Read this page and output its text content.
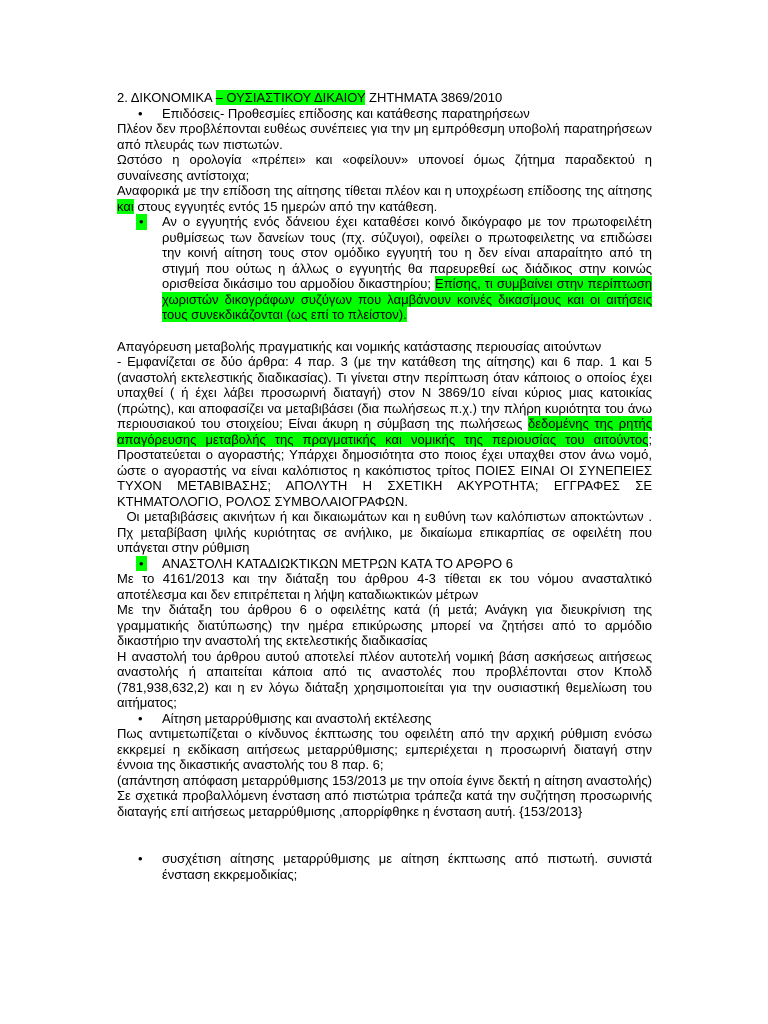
2. ΔΙΚΟΝΟΜΙΚΑ – ΟΥΣΙΑΣΤΙΚΟΥ ΔΙΚΑΙΟΥ ΖΗΤΗΜΑΤΑ 3869/2010

• Επιδόσεις- Προθεσμίες επίδοσης και κατάθεσης παρατηρήσεων

Πλέον δεν προβλέπονται ευθέως συνέπειες για την μη εμπρόθεσμη υποβολή παρατηρήσεων από πλευράς των πιστωτών.

Ωστόσο η ορολογία «πρέπει» και «οφείλουν» υπονοεί όμως ζήτημα παραδεκτού η συναίνεσης αντίστοιχα;

Αναφορικά με την επίδοση της αίτησης τίθεται πλέον και η υποχρέωση επίδοσης της αίτησης και στους εγγυητές εντός 15 ημερών από την κατάθεση.

• Αν ο εγγυητής ενός δάνειου έχει καταθέσει κοινό δικόγραφο με τον πρωτοφειλέτη ρυθμίσεως των δανείων τους (πχ. σύζυγοι), οφείλει ο πρωτοφειλετης να επιδώσει την κοινή αίτηση τους στον ομόδικο εγγυητή του η δεν είναι απαραίτητο από τη στιγμή που ούτως η άλλως ο εγγυητής θα παρευρεθεί ως διάδικος στην κοινώς ορισθείσα δικάσιμο του αρμοδίου δικαστηρίου; Επίσης, τι συμβαίνει στην περίπτωση χωριστών δικογράφων συζύγων που λαμβάνουν κοινές δικασίμους και οι αιτήσεις τους συνεκδικάζονται (ως επί το πλείστον).

Απαγόρευση μεταβολής πραγματικής και νομικής κατάστασης περιουσίας αιτούντων

- Εμφανίζεται σε δύο άρθρα: 4 παρ. 3 (με την κατάθεση της αίτησης) και 6 παρ. 1 και 5 (αναστολή εκτελεστικής διαδικασίας). Τι γίνεται στην περίπτωση όταν κάποιος ο οποίος έχει υπαχθεί ( ή έχει λάβει προσωρινή διαταγή) στον Ν 3869/10 είναι κύριος μιας κατοικίας (πρώτης), και αποφασίζει να μεταβιβάσει (δια πωλήσεως π.χ.) την πλήρη κυριότητα του άνω περιουσιακού του στοιχείου; Είναι άκυρη η σύμβαση της πωλήσεως δεδομένης της ρητής απαγόρευσης μεταβολής της πραγματικής και νομικής της περιουσίας του αιτούντος; Προστατεύεται ο αγοραστής; Υπάρχει δημοσιότητα στο ποιος έχει υπαχθει στον άνω νομό, ώστε ο αγοραστής να είναι καλόπιστος η κακόπιστος τρίτος ΠΟΙΕΣ ΕΙΝΑΙ ΟΙ ΣΥΝΕΠΕΙΕΣ ΤΥΧΟΝ ΜΕΤΑΒΙΒΑΣΗΣ; ΑΠΟΛΥΤΗ Η ΣΧΕΤΙΚΗ ΑΚΥΡΟΤΗΤΑ; ΕΓΓΡΑΦΕΣ ΣΕ ΚΤΗΜΑΤΟΛΟΓΙΟ, ΡΟΛΟΣ ΣΥΜΒΟΛΑΙΟΓΡΑΦΩΝ.

Οι μεταβιβάσεις ακινήτων ή και δικαιωμάτων και η ευθύνη των καλόπιστων αποκτώντων . Πχ μεταβίβαση ψιλής κυριότητας σε ανήλικο, με δικαίωμα επικαρπίας σε οφειλέτη που υπάγεται στην ρύθμιση

• ΑΝΑΣΤΟΛΗ ΚΑΤΑΔΙΩΚΤΙΚΩΝ ΜΕΤΡΩΝ ΚΑΤΑ ΤΟ ΑΡΘΡΟ 6

Με το 4161/2013 και την διάταξη του άρθρου 4-3 τίθεται εκ του νόμου ανασταλτικό αποτέλεσμα και δεν επιτρέπεται η λήψη καταδιωκτικών μέτρων

Με την διάταξη του άρθρου 6 ο οφειλέτης κατά (ή μετά; Ανάγκη για διευκρίνιση της γραμματικής διατύπωσης) την ημέρα επικύρωσης μπορεί να ζητήσει από το αρμόδιο δικαστήριο την αναστολή της εκτελεστικής διαδικασίας

Η αναστολή του άρθρου αυτού αποτελεί πλέον αυτοτελή νομική βάση ασκήσεως αιτήσεως αναστολής ή απαιτείται κάποια από τις αναστολές που προβλέπονται στον Κπολδ (781,938,632,2) και η εν λόγω διάταξη χρησιμοποιείται για την ουσιαστική θεμελίωση του αιτήματος;

• Αίτηση μεταρρύθμισης και αναστολή εκτέλεσης

Πως αντιμετωπίζεται ο κίνδυνος έκπτωσης του οφειλέτη από την αρχική ρύθμιση ενόσω εκκρεμεί η εκδίκαση αιτήσεως μεταρρύθμισης; εμπεριέχεται η προσωρινή διαταγή στην έννοια της δικαστικής αναστολής του 8 παρ. 6;

(απάντηση απόφαση μεταρρύθμισης 153/2013 με την οποία έγινε δεκτή η αίτηση αναστολής) Σε σχετικά προβαλλόμενη ένσταση από πιστώτρια τράπεζα κατά την συζήτηση προσωρινής διαταγής επί αιτήσεως μεταρρύθμισης ,απορρίφθηκε η ένσταση αυτή. {153/2013}

• συσχέτιση αίτησης μεταρρύθμισης με αίτηση έκπτωσης από πιστωτή. συνιστά ένσταση εκκρεμοδικίας;
